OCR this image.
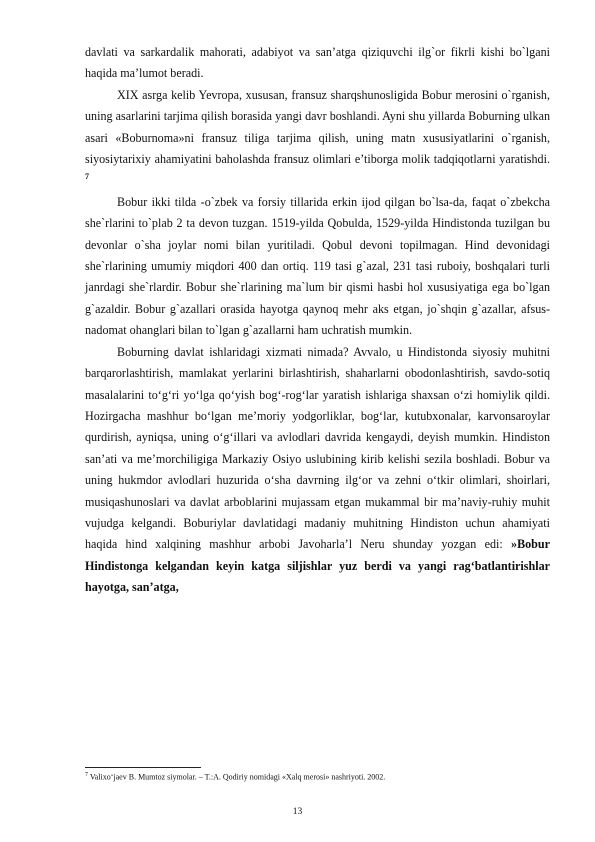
davlati va sarkardalik mahorati, adabiyot va san’atga qiziquvchi ilg`or fikrli kishi bo`lgani haqida ma’lumot beradi.

XIX asrga kelib Yevropa, xususan, fransuz sharqshunosligida Bobur merosini o`rganish, uning asarlarini tarjima qilish borasida yangi davr boshlandi. Ayni shu yillarda Boburning ulkan asari «Boburnoma»ni fransuz tiliga tarjima qilish, uning matn xususiyatlarini o`rganish, siyosiytarixiy ahamiyatini baholashda fransuz olimlari e’tiborga molik tadqiqotlarni yaratishdi. $^7$

Bobur ikki tilda -o`zbek va forsiy tillarida erkin ijod qilgan bo`lsa-da, faqat o`zbekcha she`rlarini to`plab 2 ta devon tuzgan. 1519-yilda Qobulda, 1529-yilda Hindistonda tuzilgan bu devonlar o`sha joylar nomi bilan yuritiladi. Qobul devoni topilmagan. Hind devonidagi she`rlarining umumiy miqdori 400 dan ortiq. 119 tasi g`azal, 231 tasi ruboiy, boshqalari turli janrdagi she`rlardir. Bobur she`rlarining ma`lum bir qismi hasbi hol xususiyatiga ega bo`lgan g`azaldir. Bobur g`azallari orasida hayotga qaynoq mehr aks etgan, jo`shqin g`azallar, afsus-nadomat ohanglari bilan to`lgan g`azallarni ham uchratish mumkin.

Boburning davlat ishlaridagi xizmati nimada? Avvalo, u Hindistonda siyosiy muhitni barqarorlashtirish, mamlakat yerlarini birlashtirish, shaharlarni obodonlashtirish, savdo-sotiq masalalarini to‘g‘ri yo‘lga qo‘yish bog‘-rog‘lar yaratish ishlariga shaxsan o‘zi homiylik qildi. Hozirgacha mashhur bo‘lgan me’moriy yodgorliklar, bog‘lar, kutubxonalar, karvonsaroylar qurdirish, ayniqsa, uning o‘g‘illari va avlodlari davrida kengaydi, deyish mumkin. Hindiston san’ati va me’morchiligiga Markaziy Osiyo uslubining kirib kelishi sezila boshladi. Bobur va uning hukmdor avlodlari huzurida o‘sha davrning ilg‘or va zehni o‘tkir olimlari, shoirlari, musiqashunoslari va davlat arboblarini mujassam etgan mukammal bir ma’naviy-ruhiy muhit vujudga kelgandi. Boburiylar davlatidagi madaniy muhitning Hindiston uchun ahamiyati haqida hind xalqining mashhur arbobi Javoharla’l Neru shunday yozgan edi: »Bobur Hindistonga kelgandan keyin katga siljishlar yuz berdi va yangi rag‘batlantirishlar hayotga, san’atga,

$^7$ Valixo‘jaev B. Mumtoz siymolar. – T.:A. Qodiriy nomidagi «Xalq merosi» nashriyoti. 2002.
13
